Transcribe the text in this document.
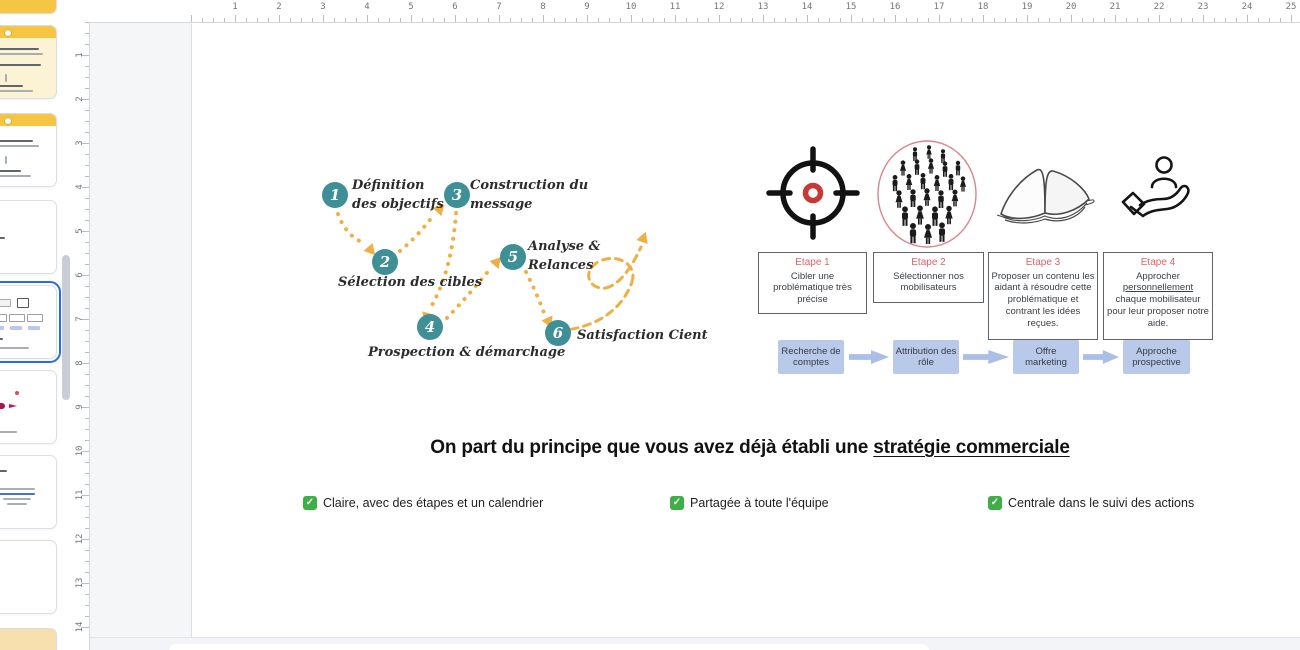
1
2
3
4
5
6
Définition
des objectifs
Sélection des cibles
Construction du
message
Prospection & démarchage
Analyse &
Relances
Satisfaction Cient
Etape 1
Cibler une problématique très précise
Etape 2
Sélectionner nos mobilisateurs
Etape 3
Proposer un contenu les aidant à résoudre cette problématique et contrant les idées reçues.
Etape 4
Approcher personnellement chaque mobilisateur pour leur proposer notre aide.
Recherche de comptes
Attribution des rôle
Offre marketing
Approche prospective
On part du principe que vous avez déjà établi une stratégie commerciale
✓ Claire, avec des étapes et un calendrier	✓ Partagée à toute l'équipe	✓ Centrale dans le suivi des actions
1	2	3	4	5	6	7	8	9	10	11	12	13	14	15	16	17	18	19	20	21	22	23	24	25
1
2
3
4
5
6
7
8
9
10
11
12
13
14
